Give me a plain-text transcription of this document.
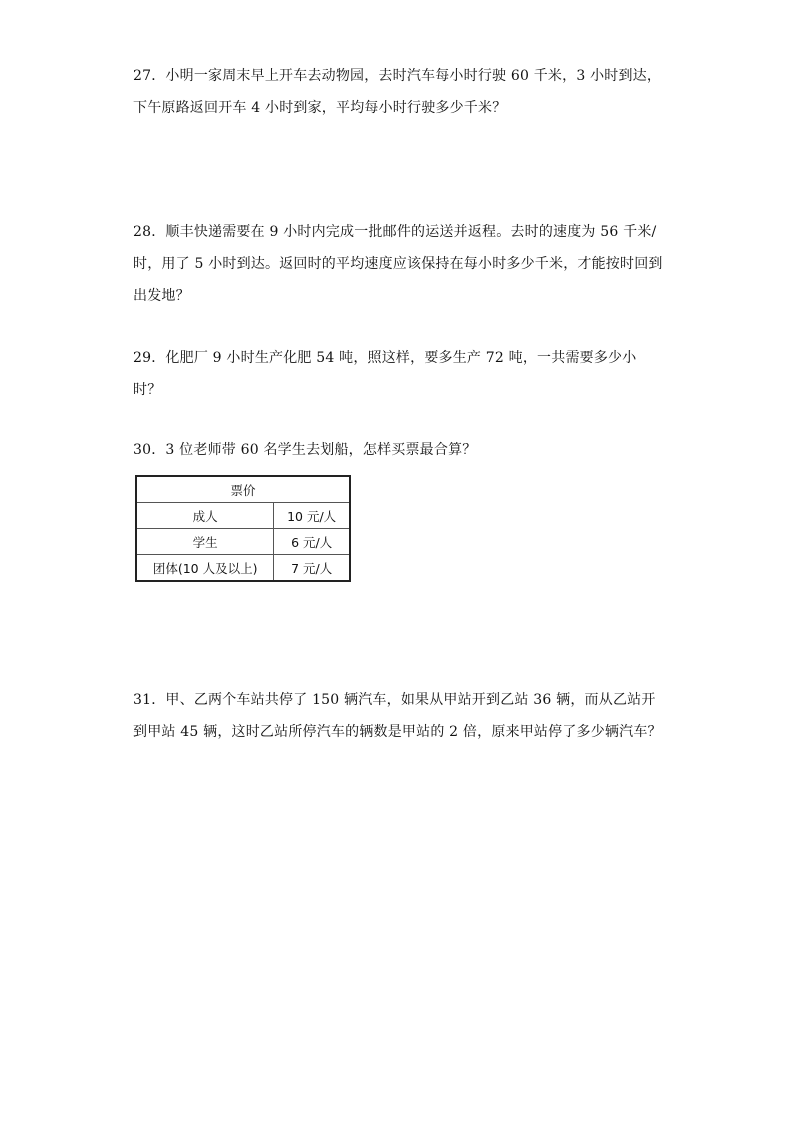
27．小明一家周末早上开车去动物园，去时汽车每小时行驶 60 千米，3 小时到达，下午原路返回开车 4 小时到家，平均每小时行驶多少千米？
28．顺丰快递需要在 9 小时内完成一批邮件的运送并返程。去时的速度为 56 千米/时，用了 5 小时到达。返回时的平均速度应该保持在每小时多少千米，才能按时回到出发地？
29．化肥厂 9 小时生产化肥 54 吨，照这样，要多生产 72 吨，一共需要多少小时？
30．3 位老师带 60 名学生去划船，怎样买票最合算？
票价	
成人	10 元/人
学生	6 元/人
团体(10 人及以上)	7 元/人
31．甲、乙两个车站共停了 150 辆汽车，如果从甲站开到乙站 36 辆，而从乙站开到甲站 45 辆，这时乙站所停汽车的辆数是甲站的 2 倍，原来甲站停了多少辆汽车？
